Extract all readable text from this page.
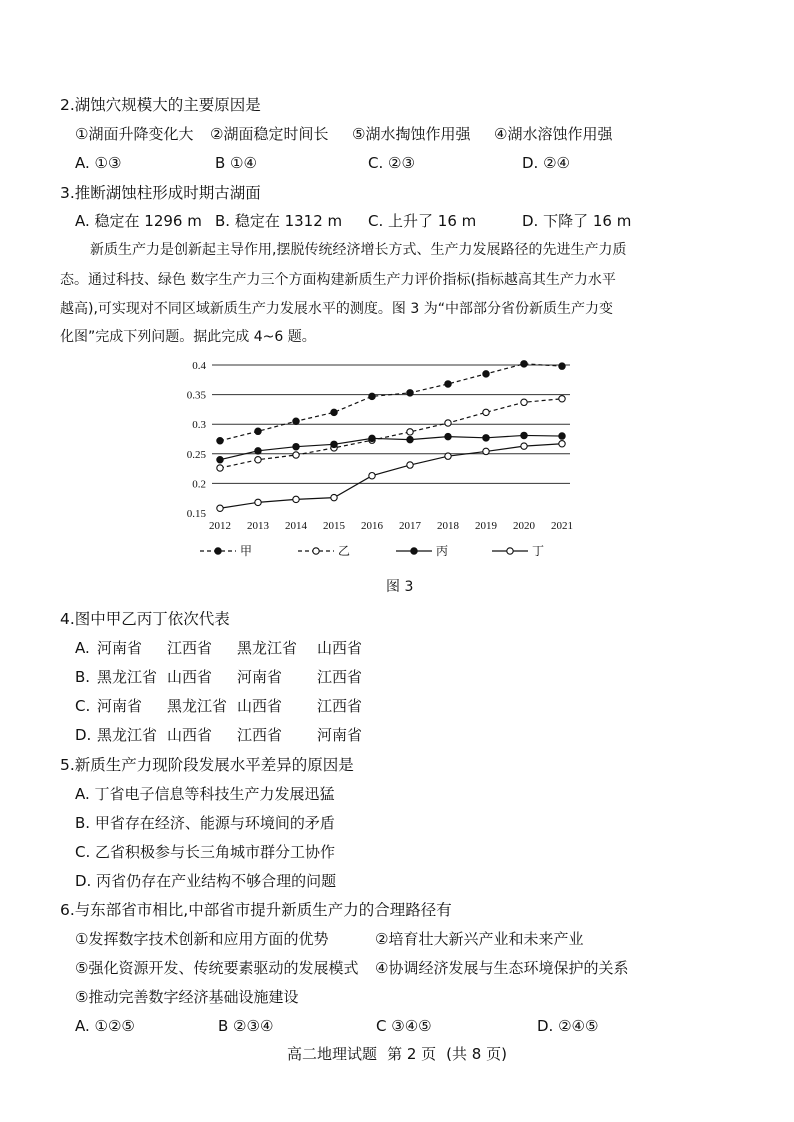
2.湖蚀穴规模大的主要原因是
①湖面升降变化大 ②湖面稳定时间长 ⑤湖水掏蚀作用强 ④湖水溶蚀作用强
A. ①③	B ①④	C. ②③	D. ②④
3.推断湖蚀柱形成时期古湖面
A. 稳定在 1296 m B. 稳定在 1312 m C. 上升了 16 m	D. 下降了 16 m
新质生产力是创新起主导作用,摆脱传统经济增长方式、生产力发展路径的先进生产力质
态。通过科技、绿色 数字生产力三个方面构建新质生产力评价指标(指标越高其生产力水平
越高),可实现对不同区域新质生产力发展水平的测度。图 3 为“中部部分省份新质生产力变
化图”完成下列问题。据此完成 4~6 题。
0.4
0.35
0.3
0.25
0.2
0.15
2012 2013 2014 2015 2016 2017 2018 2019 2020 2021
甲	乙	丙	丁
图 3
4.图中甲乙丙丁依次代表
A. 河南省 江西省 黑龙江省 山西省
B. 黑龙江省 山西省 河南省 江西省
C. 河南省 黑龙江省 山西省 江西省
D. 黑龙江省 山西省 江西省 河南省
5.新质生产力现阶段发展水平差异的原因是
A. 丁省电子信息等科技生产力发展迅猛
B. 甲省存在经济、能源与环境间的矛盾
C. 乙省积极参与长三角城市群分工协作
D. 丙省仍存在产业结构不够合理的问题
6.与东部省市相比,中部省市提升新质生产力的合理路径有
①发挥数字技术创新和应用方面的优势	②培育壮大新兴产业和未来产业
⑤强化资源开发、传统要素驱动的发展模式 ④协调经济发展与生态环境保护的关系
⑤推动完善数字经济基础设施建设
A. ①②⑤	B ②③④	C ③④⑤	D. ②④⑤
高二地理试题 第 2 页 (共 8 页)
